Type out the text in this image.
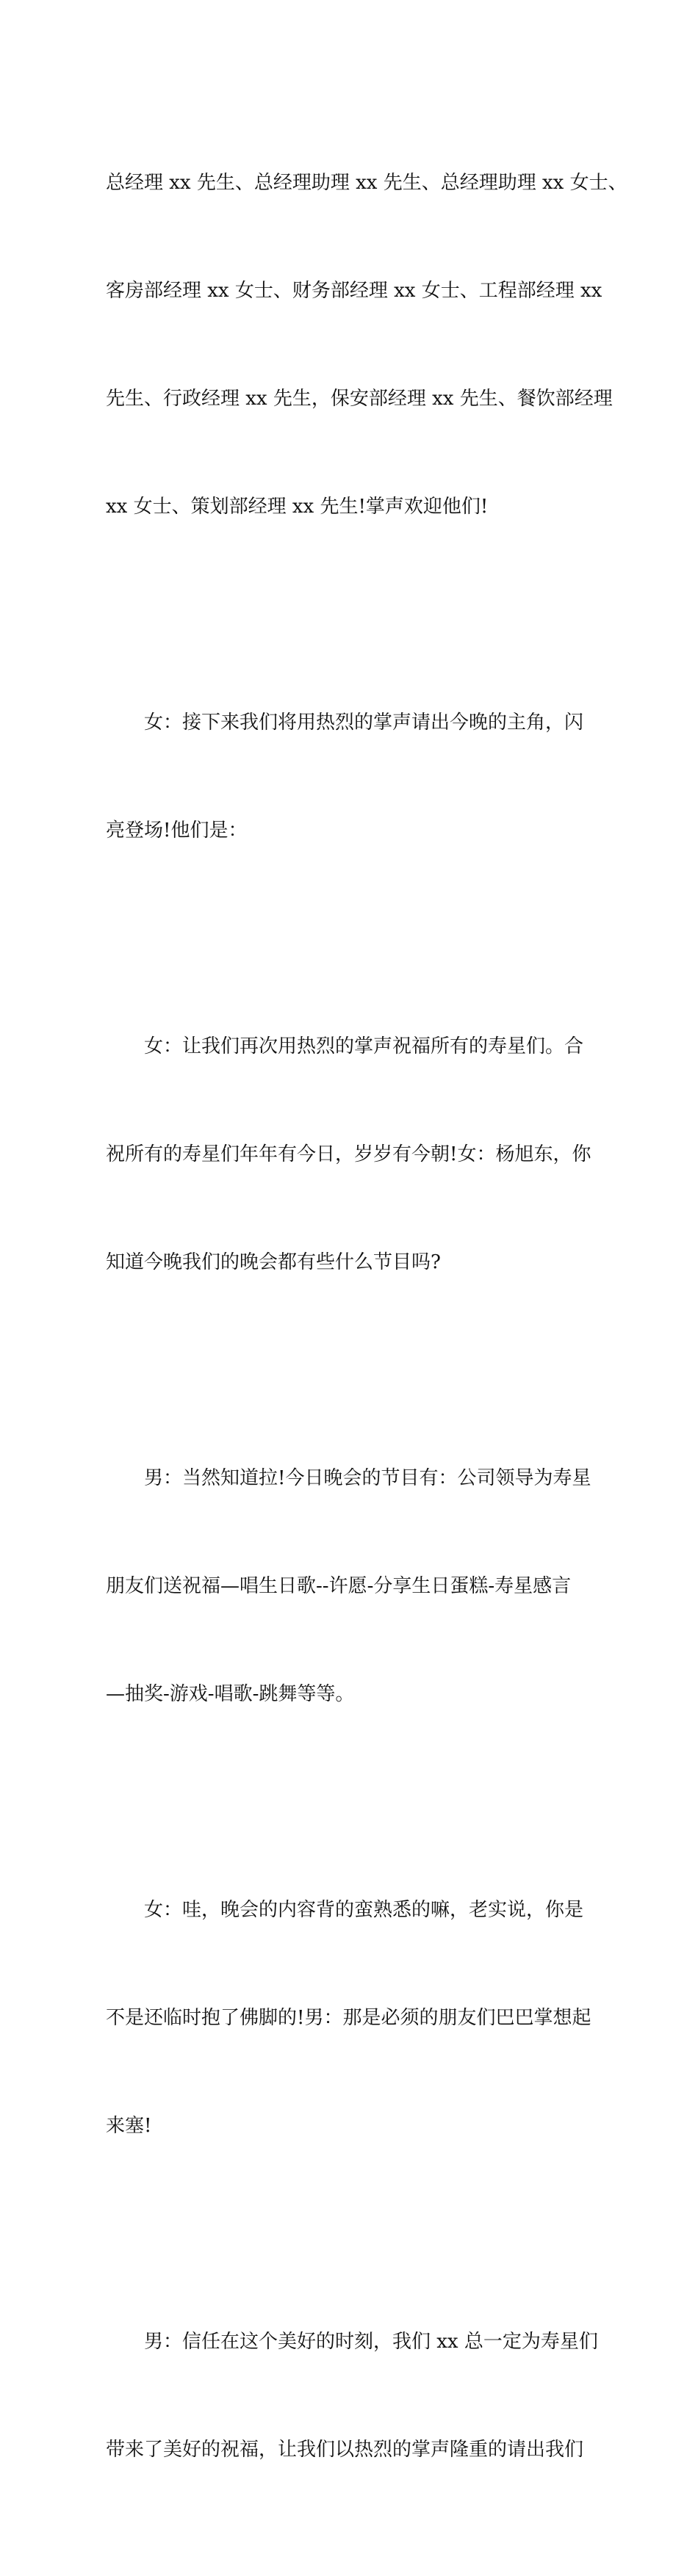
总经理 xx 先生、总经理助理 xx 先生、总经理助理 xx 女士、

客房部经理 xx 女士、财务部经理 xx 女士、工程部经理 xx

先生、行政经理 xx 先生，保安部经理 xx 先生、餐饮部经理

xx 女士、策划部经理 xx 先生!掌声欢迎他们!

女：接下来我们将用热烈的掌声请出今晚的主角，闪

亮登场!他们是：

女：让我们再次用热烈的掌声祝福所有的寿星们。合

祝所有的寿星们年年有今日，岁岁有今朝!女：杨旭东，你

知道今晚我们的晚会都有些什么节目吗?

男：当然知道拉!今日晚会的节目有：公司领导为寿星

朋友们送祝福—唱生日歌--许愿-分享生日蛋糕-寿星感言

—抽奖-游戏-唱歌-跳舞等等。

女：哇，晚会的内容背的蛮熟悉的嘛，老实说，你是

不是还临时抱了佛脚的!男：那是必须的朋友们巴巴掌想起

来塞!

男：信任在这个美好的时刻，我们 xx 总一定为寿星们

带来了美好的祝福，让我们以热烈的掌声隆重的请出我们
